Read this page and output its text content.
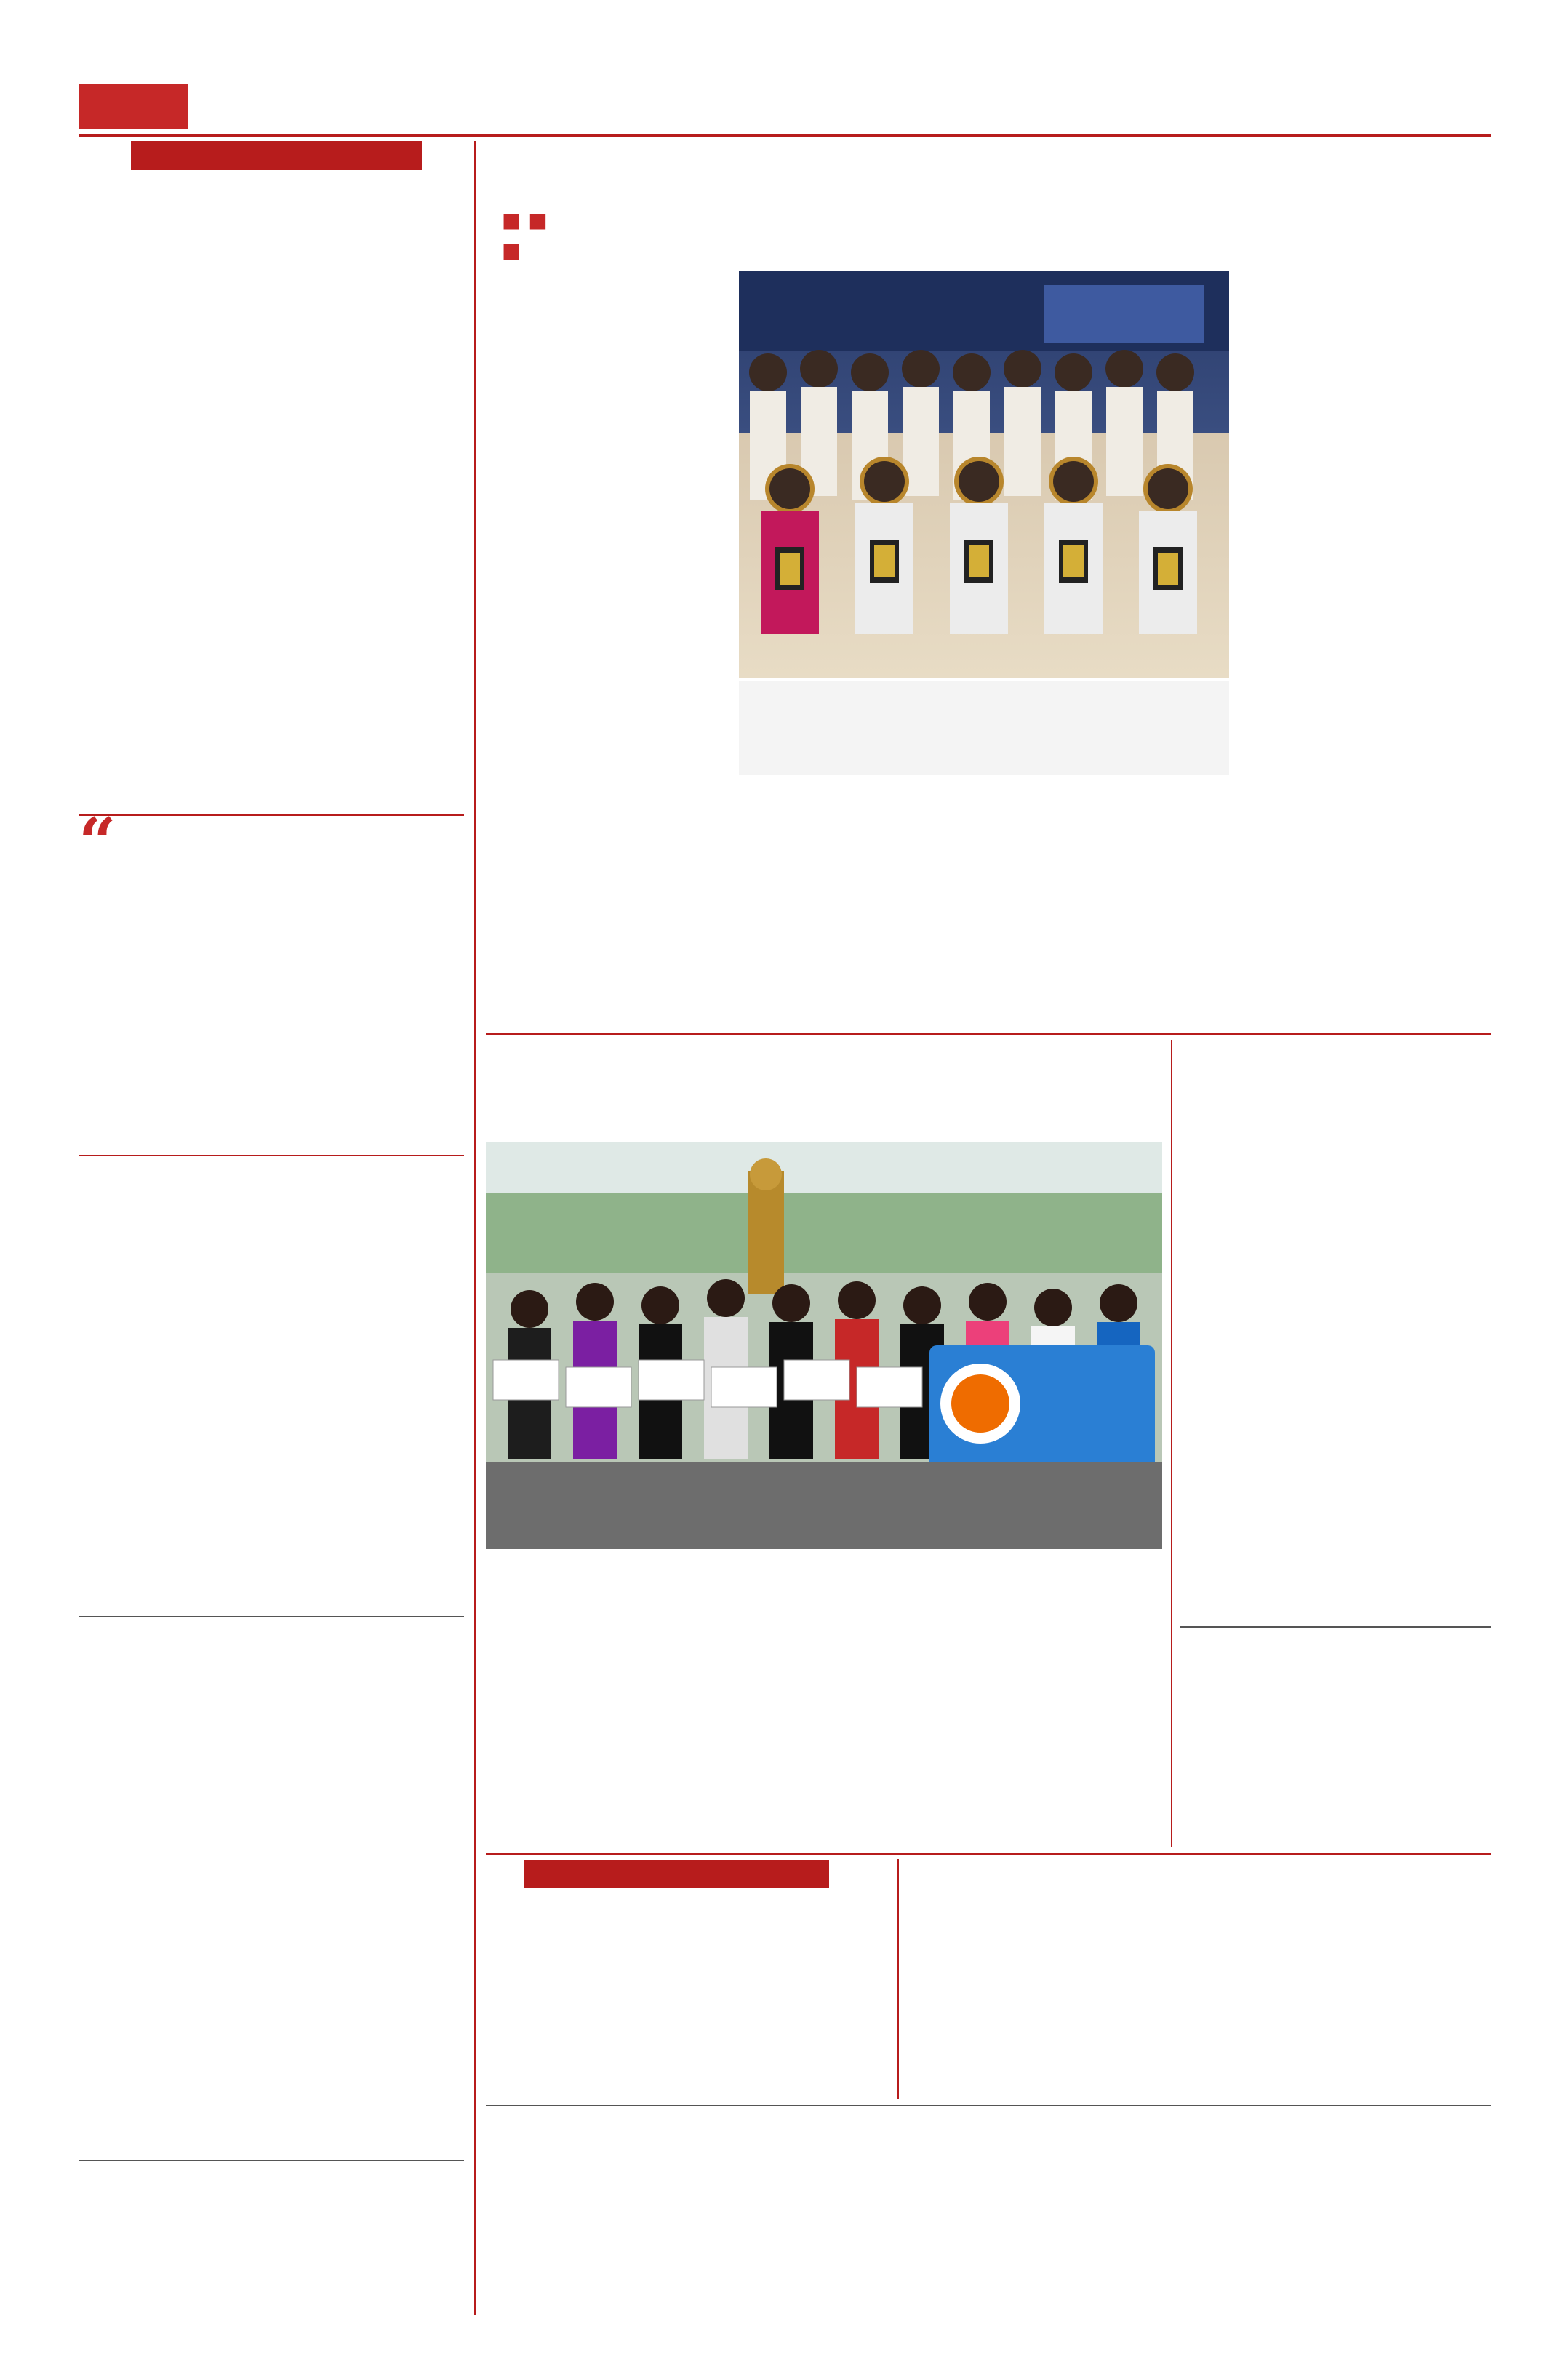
“
■ ■
■
